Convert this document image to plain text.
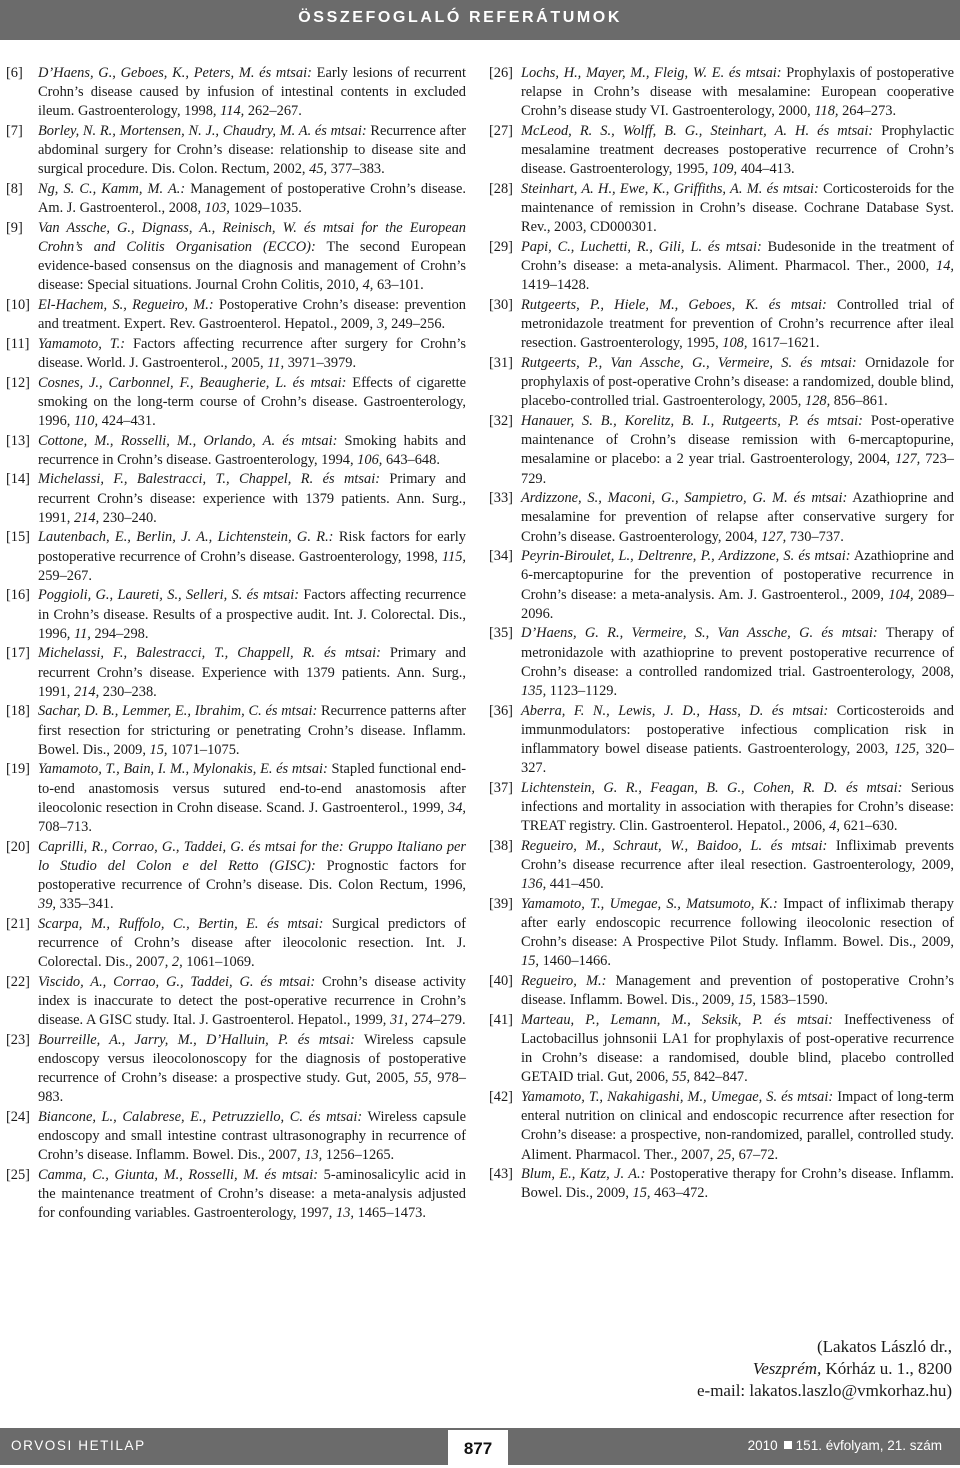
ÖSSZEFOGLALÓ REFERÁTUMOK
[6] D’Haens, G., Geboes, K., Peters, M. és mtsai: Early lesions of recurrent Crohn’s disease caused by infusion of intestinal contents in excluded ileum. Gastroenterology, 1998, 114, 262–267.
[7] Borley, N. R., Mortensen, N. J., Chaudry, M. A. és mtsai: Recurrence after abdominal surgery for Crohn’s disease: relationship to disease site and surgical procedure. Dis. Colon. Rectum, 2002, 45, 377–383.
[8] Ng, S. C., Kamm, M. A.: Management of postoperative Crohn’s disease. Am. J. Gastroenterol., 2008, 103, 1029–1035.
[9] Van Assche, G., Dignass, A., Reinisch, W. és mtsai for the European Crohn’s and Colitis Organisation (ECCO): The second European evidence-based consensus on the diagnosis and management of Crohn’s disease: Special situations. Journal Crohn Colitis, 2010, 4, 63–101.
[10] El-Hachem, S., Regueiro, M.: Postoperative Crohn’s disease: prevention and treatment. Expert. Rev. Gastroenterol. Hepatol., 2009, 3, 249–256.
[11] Yamamoto, T.: Factors affecting recurrence after surgery for Crohn’s disease. World. J. Gastroenterol., 2005, 11, 3971–3979.
[12] Cosnes, J., Carbonnel, F., Beaugherie, L. és mtsai: Effects of cigarette smoking on the long-term course of Crohn’s disease. Gastroenterology, 1996, 110, 424–431.
[13] Cottone, M., Rosselli, M., Orlando, A. és mtsai: Smoking habits and recurrence in Crohn’s disease. Gastroenterology, 1994, 106, 643–648.
[14] Michelassi, F., Balestracci, T., Chappel, R. és mtsai: Primary and recurrent Crohn’s disease: experience with 1379 patients. Ann. Surg., 1991, 214, 230–240.
[15] Lautenbach, E., Berlin, J. A., Lichtenstein, G. R.: Risk factors for early postoperative recurrence of Crohn’s disease. Gastroenterology, 1998, 115, 259–267.
[16] Poggioli, G., Laureti, S., Selleri, S. és mtsai: Factors affecting recurrence in Crohn’s disease. Results of a prospective audit. Int. J. Colorectal. Dis., 1996, 11, 294–298.
[17] Michelassi, F., Balestracci, T., Chappell, R. és mtsai: Primary and recurrent Crohn’s disease. Experience with 1379 patients. Ann. Surg., 1991, 214, 230–238.
[18] Sachar, D. B., Lemmer, E., Ibrahim, C. és mtsai: Recurrence patterns after first resection for stricturing or penetrating Crohn’s disease. Inflamm. Bowel. Dis., 2009, 15, 1071–1075.
[19] Yamamoto, T., Bain, I. M., Mylonakis, E. és mtsai: Stapled functional end-to-end anastomosis versus sutured end-to-end anastomosis after ileocolonic resection in Crohn disease. Scand. J. Gastroenterol., 1999, 34, 708–713.
[20] Caprilli, R., Corrao, G., Taddei, G. és mtsai for the: Gruppo Italiano per lo Studio del Colon e del Retto (GISC): Prognostic factors for postoperative recurrence of Crohn’s disease. Dis. Colon Rectum, 1996, 39, 335–341.
[21] Scarpa, M., Ruffolo, C., Bertin, E. és mtsai: Surgical predictors of recurrence of Crohn’s disease after ileocolonic resection. Int. J. Colorectal. Dis., 2007, 2, 1061–1069.
[22] Viscido, A., Corrao, G., Taddei, G. és mtsai: Crohn’s disease activity index is inaccurate to detect the post-operative recurrence in Crohn’s disease. A GISC study. Ital. J. Gastroenterol. Hepatol., 1999, 31, 274–279.
[23] Bourreille, A., Jarry, M., D’Halluin, P. és mtsai: Wireless capsule endoscopy versus ileocolonoscopy for the diagnosis of postoperative recurrence of Crohn’s disease: a prospective study. Gut, 2005, 55, 978–983.
[24] Biancone, L., Calabrese, E., Petruzziello, C. és mtsai: Wireless capsule endoscopy and small intestine contrast ultrasonography in recurrence of Crohn’s disease. Inflamm. Bowel. Dis., 2007, 13, 1256–1265.
[25] Camma, C., Giunta, M., Rosselli, M. és mtsai: 5-aminosalicylic acid in the maintenance treatment of Crohn’s disease: a meta-analysis adjusted for confounding variables. Gastroenterology, 1997, 13, 1465–1473.
[26] Lochs, H., Mayer, M., Fleig, W. E. és mtsai: Prophylaxis of postoperative relapse in Crohn’s disease with mesalamine: European cooperative Crohn’s disease study VI. Gastroenterology, 2000, 118, 264–273.
[27] McLeod, R. S., Wolff, B. G., Steinhart, A. H. és mtsai: Prophylactic mesalamine treatment decreases postoperative recurrence of Crohn’s disease. Gastroenterology, 1995, 109, 404–413.
[28] Steinhart, A. H., Ewe, K., Griffiths, A. M. és mtsai: Corticosteroids for the maintenance of remission in Crohn’s disease. Cochrane Database Syst. Rev., 2003, CD000301.
[29] Papi, C., Luchetti, R., Gili, L. és mtsai: Budesonide in the treatment of Crohn’s disease: a meta-analysis. Aliment. Pharmacol. Ther., 2000, 14, 1419–1428.
[30] Rutgeerts, P., Hiele, M., Geboes, K. és mtsai: Controlled trial of metronidazole treatment for prevention of Crohn’s recurrence after ileal resection. Gastroenterology, 1995, 108, 1617–1621.
[31] Rutgeerts, P., Van Assche, G., Vermeire, S. és mtsai: Ornidazole for prophylaxis of post-operative Crohn’s disease: a randomized, double blind, placebo-controlled trial. Gastroenterology, 2005, 128, 856–861.
[32] Hanauer, S. B., Korelitz, B. I., Rutgeerts, P. és mtsai: Post-operative maintenance of Crohn’s disease remission with 6-mercaptopurine, mesalamine or placebo: a 2 year trial. Gastroenterology, 2004, 127, 723–729.
[33] Ardizzone, S., Maconi, G., Sampietro, G. M. és mtsai: Azathioprine and mesalamine for prevention of relapse after conservative surgery for Crohn’s disease. Gastroenterology, 2004, 127, 730–737.
[34] Peyrin-Biroulet, L., Deltrenre, P., Ardizzone, S. és mtsai: Azathioprine and 6-mercaptopurine for the prevention of postoperative recurrence in Crohn’s disease: a meta-analysis. Am. J. Gastroenterol., 2009, 104, 2089–2096.
[35] D’Haens, G. R., Vermeire, S., Van Assche, G. és mtsai: Therapy of metronidazole with azathioprine to prevent postoperative recurrence of Crohn’s disease: a controlled randomized trial. Gastroenterology, 2008, 135, 1123–1129.
[36] Aberra, F. N., Lewis, J. D., Hass, D. és mtsai: Corticosteroids and immunmodulators: postoperative infectious complication risk in inflammatory bowel disease patients. Gastroenterology, 2003, 125, 320–327.
[37] Lichtenstein, G. R., Feagan, B. G., Cohen, R. D. és mtsai: Serious infections and mortality in association with therapies for Crohn’s disease: TREAT registry. Clin. Gastroenterol. Hepatol., 2006, 4, 621–630.
[38] Regueiro, M., Schraut, W., Baidoo, L. és mtsai: Infliximab prevents Crohn’s disease recurrence after ileal resection. Gastroenterology, 2009, 136, 441–450.
[39] Yamamoto, T., Umegae, S., Matsumoto, K.: Impact of infliximab therapy after early endoscopic recurrence following ileocolonic resection of Crohn’s disease: A Prospective Pilot Study. Inflamm. Bowel. Dis., 2009, 15, 1460–1466.
[40] Regueiro, M.: Management and prevention of postoperative Crohn’s disease. Inflamm. Bowel. Dis., 2009, 15, 1583–1590.
[41] Marteau, P., Lemann, M., Seksik, P. és mtsai: Ineffectiveness of Lactobacillus johnsonii LA1 for prophylaxis of post-operative recurrence in Crohn’s disease: a randomised, double blind, placebo controlled GETAID trial. Gut, 2006, 55, 842–847.
[42] Yamamoto, T., Nakahigashi, M., Umegae, S. és mtsai: Impact of long-term enteral nutrition on clinical and endoscopic recurrence after resection for Crohn’s disease: a prospective, non-randomized, parallel, controlled study. Aliment. Pharmacol. Ther., 2007, 25, 67–72.
[43] Blum, E., Katz, J. A.: Postoperative therapy for Crohn’s disease. Inflamm. Bowel. Dis., 2009, 15, 463–472.
(Lakatos László dr.,
Veszprém, Kórház u. 1., 8200
e-mail: lakatos.laszlo@vmkorhaz.hu)
ORVOSI HETILAP	877	2010 151. évfolyam, 21. szám
